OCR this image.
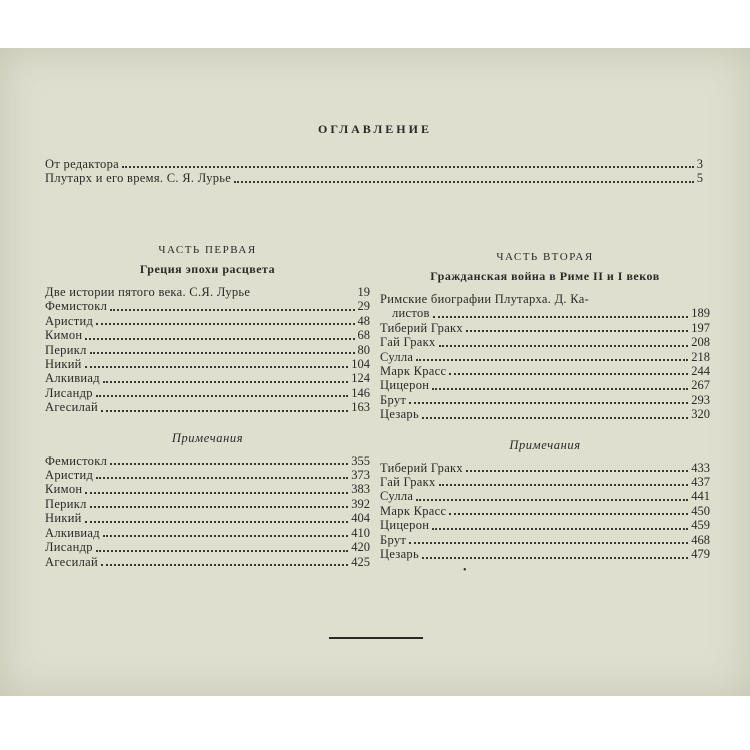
ОГЛАВЛЕНИЕ
От редактора	3
Плутарх и его время. С. Я. Лурье	5
ЧАСТЬ ПЕРВАЯ
Греция эпохи расцвета
Две истории пятого века. С.Я. Лурье	19
Фемистокл	29
Аристид	48
Кимон	68
Перикл	80
Никий	104
Алкивиад	124
Лисандр	146
Агесилай	163
Примечания
Фемистокл	355
Аристид	373
Кимон	383
Перикл	392
Никий	404
Алкивиад	410
Лисандр	420
Агесилай	425
ЧАСТЬ ВТОРАЯ
Гражданская война в Риме II и I веков
Римские биографии Плутарха. Д. Ка-
листов	189
Тиберий Гракх	197
Гай Гракх	208
Сулла	218
Марк Красс	244
Цицерон	267
Брут	293
Цезарь	320
Примечания
Тиберий Гракх	433
Гай Гракх	437
Сулла	441
Марк Красс	450
Цицерон	459
Брут	468
Цезарь	479
•
